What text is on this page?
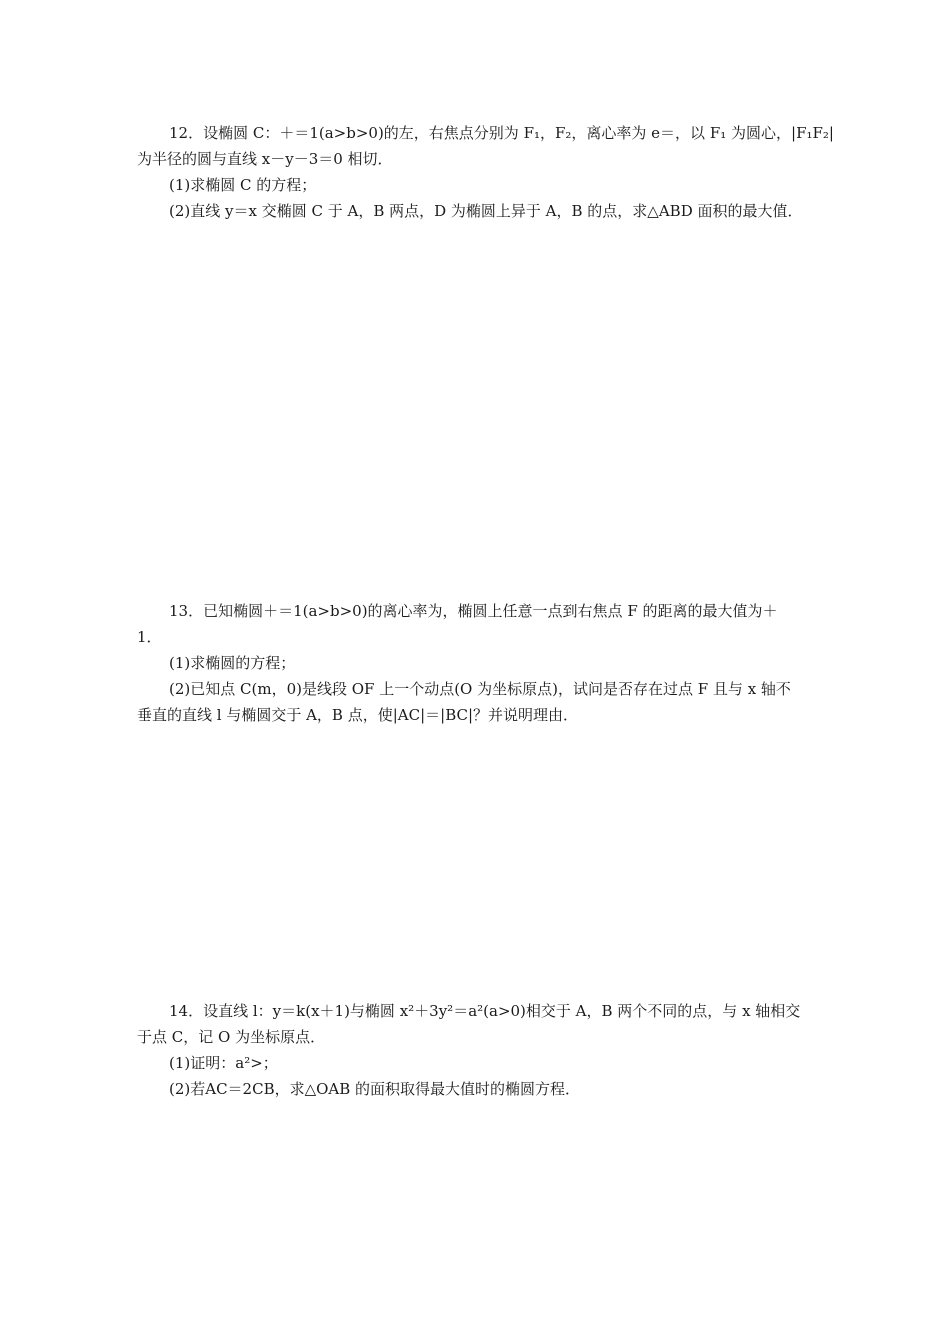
12．设椭圆 C：＋＝1(a>b>0)的左，右焦点分别为 F₁，F₂，离心率为 e＝，以 F₁ 为圆心，|F₁F₂|
为半径的圆与直线 x－y－3＝0 相切．
(1)求椭圆 C 的方程；
(2)直线 y＝x 交椭圆 C 于 A，B 两点，D 为椭圆上异于 A，B 的点，求△ABD 面积的最大值．
13．已知椭圆＋＝1(a>b>0)的离心率为，椭圆上任意一点到右焦点 F 的距离的最大值为＋
1．
(1)求椭圆的方程；
(2)已知点 C(m，0)是线段 OF 上一个动点(O 为坐标原点)，试问是否存在过点 F 且与 x 轴不
垂直的直线 l 与椭圆交于 A，B 点，使|AC|＝|BC|？并说明理由．
14．设直线 l：y＝k(x＋1)与椭圆 x²＋3y²＝a²(a>0)相交于 A，B 两个不同的点，与 x 轴相交
于点 C，记 O 为坐标原点．
(1)证明：a²>；
(2)若AC＝2CB，求△OAB 的面积取得最大值时的椭圆方程．
